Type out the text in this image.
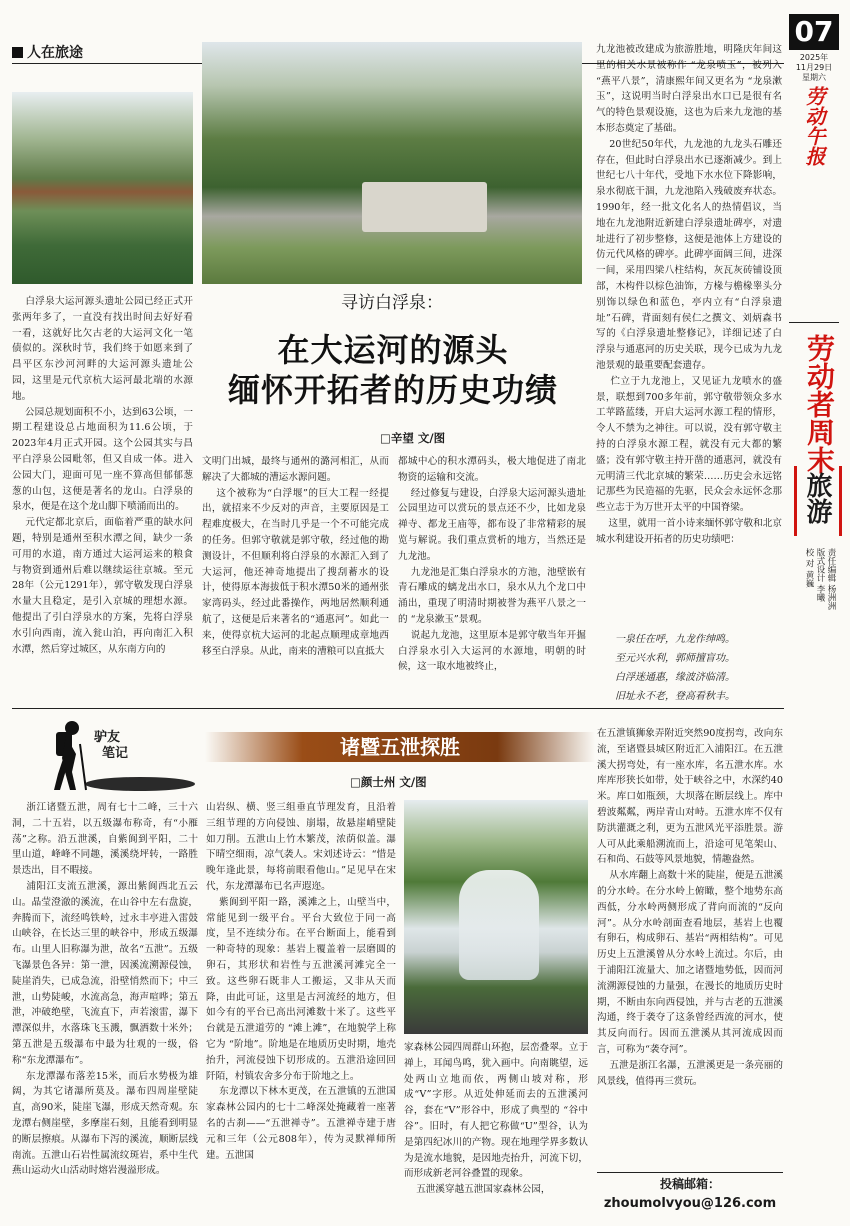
07
2025年
11月29日
星期六
劳动午报
劳动者周末
旅游
责任编辑 杨洲洲
版式设计 李曦
校 对 黄巍
人在旅途
寻访白浮泉：
在大运河的源头
缅怀开拓者的历史功绩
□辛望 文/图
白浮泉大运河源头遗址公园已经正式开张两年多了，一直没有找出时间去好好看一看，这就好比欠古老的大运河文化一笔债似的。深秋时节，我们终于如愿来到了昌平区东沙河河畔的大运河源头遗址公园，这里是元代京杭大运河最北端的水源地。
公园总规划面积不小，达到63公顷，一期工程建设总占地面积为11.6公顷，于2023年4月正式开园。这个公园其实与昌平白浮泉公园毗邻，但又自成一体。进入公园大门，迎面可见一座不算高但郁郁葱葱的山包，这便是著名的龙山。白浮泉的泉水，便是在这个龙山脚下喷涌而出的。
元代定都北京后，面临着严重的缺水问题，特别是通州至积水潭之间，缺少一条可用的水道，南方通过大运河运来的粮食与物资到通州后难以继续运往京城。至元28年（公元1291年），郭守敬发现白浮泉水量大且稳定，是引入京城的理想水源。他提出了引白浮泉水的方案，先将白浮泉水引向西南，流入瓮山泊，再向南汇入积水潭，然后穿过城区，从东南方向的
文明门出城，最终与通州的潞河相汇，从而解决了大都城的漕运水源问题。
这个被称为“白浮堰”的巨大工程一经提出，就招来不少反对的声音，主要原因是工程难度极大，在当时几乎是一个不可能完成的任务。但郭守敬就是郭守敬，经过他的勘测设计，不但顺利将白浮泉的水源汇入到了大运河，他还神奇地提出了搜刮蓄水的设计，使得原本海拔低于积水潭50米的通州张家湾码头，经过此番操作，两地居然顺利通航了，这便是后来著名的“通惠河”。如此一来，使得京杭大运河的北起点顺理成章地西移至白浮泉。从此，南来的漕粮可以直抵大
都城中心的积水潭码头，极大地促进了南北物资的运输和交流。
经过修复与建设，白浮泉大运河源头遗址公园里边可以赏玩的景点还不少，比如龙泉禅寺、都龙王庙等，都布设了非常精彩的展览与解说。我们重点赏析的地方，当然还是九龙池。
九龙池是汇集白浮泉水的方池，池壁嵌有青石雕成的螭龙出水口，泉水从九个龙口中涌出，重现了明清时期被誉为燕平八景之一的 “龙泉漱玉”景观。
说起九龙池，这里原本是郭守敬当年开掘白浮泉水引入大运河的水源地，明朝的时候，这一取水地被终止，
九龙池被改建成为旅游胜地，明隆庆年间这里的相关水景被称作 “龙泉喷玉”，被列入 “燕平八景”，清康熙年间又更名为 “龙泉漱玉”，这说明当时白浮泉出水口已是很有名气的特色景观设施，这也为后来九龙池的基本形态奠定了基础。
20世纪50年代，九龙池的九龙头石雕还存在，但此时白浮泉出水已逐渐减少。到上世纪七八十年代，受地下水水位下降影响，泉水彻底干涸，九龙池陷入残破废弃状态。1990年，经一批文化名人的热情倡议，当地在九龙池附近新建白浮泉遗址碑亭，对遗址进行了初步整修，这便是池体上方建设的仿元代风格的碑亭。此碑亭面阔三间，进深一间，采用四梁八柱结构，灰瓦灰砖铺设顶部，木构件以棕色油饰，方椽与檐椽睾头分别饰以绿色和蓝色，亭内立有“白浮泉遗址”石碑，背面刻有侯仁之撰文、刘炳森书写的《白浮泉遗址整修记》，详细记述了白浮泉与通惠河的历史关联，现今已成为九龙池景观的最重要配套遗存。
伫立于九龙池上，又见证九龙喷水的盛景，联想到700多年前，郭守敬带领众多水工苹路蓝缕，开启大运河水源工程的情形，令人不禁为之神往。可以说，没有郭守敬主持的白浮泉水源工程，就没有元大都的繁盛；没有郭守敬主持开凿的通惠河，就没有元明清三代北京城的繁荣……历史会永远铭记那些为民造福的先驱，民众会永远怀念那些立志于为万世开太平的中国脊梁。
这里，就用一首小诗来缅怀郭守敬和北京城水利建设开拓者的历史功绩吧：
一泉任在呼，九龙作绅鸣。
至元兴水利，郭师擅盲功。
白浮迷通惠，缘波济临清。
旧址永不老，登高看秋丰。
驴友
笔记	诸暨五泄探胜
□颜士州 文/图
浙江诸暨五泄，周有七十二峰，三十六洞，二十五岩，以五级瀑布称奇，有“小雁荡”之称。沿五泄溪，自紫阆到平阳，二十里山道，峰峰不同趣，溪溪绕坪转，一路胜景迭出，目不暇接。
浦阳江支流五泄溪，源出紫阆西北五云山。晶莹澄澈的溪流，在山谷中左右盘旋，奔腾而下，流经鸣铁岭，过永丰亭进入雷鼓山峡谷，在长达三里的峡谷中，形成五级瀑布。山里人旧称瀑为泄，故名“五泄”。五级飞瀑景色各异：第一泄，因溪流溯源侵蚀，陡崖消失，已成急流，沿壁悄然而下；中三泄，山势陡峻，水流高急，海声喧哗；第五泄，冲破绝壁，飞流直下，声若滚雷，瀑下潭深似井，水落珠飞玉溅，飘洒数十米外；第五泄是五级瀑布中最为壮观的一级，俗称“东龙潭瀑布”。
东龙潭瀑布落差15米，而后水势极为雄阔，为其它诸瀑所莫及。瀑布四周崖壁陡直，高90米，陡崖飞瀑，形成天然奇观。东龙潭右侧崖壁，多摩崖石刻，且能看到明显的断层擦痕。从瀑布下泻的溪流，顺断层线南流。五泄山石岩性属流纹斑岩，系中生代燕山运动火山活动时熔岩漫溢形成。
山岩纵、横、竖三组垂直节理发育，且沿着三组节理的方向侵蚀、崩塌，故悬崖峭壁陡如刀削。五泄山上竹木繁茂，浓荫似盖。瀑下晴空细雨，凉气袭人。宋刘述诗云：“惜是晚年逢此景，每将前眼看他山。”足见早在宋代，东龙潭瀑布已名声遐迩。
紫阆到平阳一路，溪滩之上，山壁当中，常能见到一级平台。平台大致位于同一高度，呈不连续分布。在平台断面上，能看到一种奇特的现象：基岩上覆盖着一层磨圆的卵石，其形状和岩性与五泄溪河滩完全一致。这些卵石既非人工搬运，又非从天而降，由此可证，这里是古河流经的地方，但如今有的平台已高出河滩数十米了。这些平台就是五泄道劳的 “滩上滩”，在地貌学上称它为 “阶地”。阶地是在地质历史时期，地壳抬升，河流侵蚀下切形成的。五泄沿途回回阡陌，村镇农舍多分布于阶地之上。
东龙潭以下林木更茂，在五泄镇的五泄国家森林公园内的七十二峰深处掩藏着一座著名的古刹——“五泄禅寺”。五泄禅寺建于唐元和三年（公元808年），传为灵默禅师所建。五泄国
家森林公园四周群山环抱，层峦叠翠。立于禅上，耳闻鸟鸣，犹入画中。向南眺望，远处两山立地而依，两侧山坡对称，形成“V”字形。从近处伸延而去的五泄溪河谷，套在“V”形谷中，形成了典型的 “谷中谷”。旧时，有人把它称做“U”型谷，认为是第四纪冰川的产物。现在地理学界多数认为是流水地貌，是因地壳抬升，河流下切，而形成新老河谷叠置的现象。
五泄溪穿越五泄国家森林公园，
在五泄镇狮象弄附近突然90度拐弯，改向东流，至诸暨县城区附近汇入浦阳江。在五泄溪大拐弯处，有一座水库，名五泄水库。水库库形狭长如带，处于峡谷之中，水深约40米。库口如瓶颈，大坝落在断层线上。库中碧波粼粼，两岸青山对峙。五泄水库不仅有防洪灌溉之利，更为五泄风光平添胜景。游人可从此乘船溯流而上，沿途可见笔架山、石和尚、石鼓等风景地貌，情趣盎然。
从水库翻上高数十米的陡崖，便是五泄溪的分水岭。在分水岭上俯瞰，整个地势东高西低，分水岭两侧形成了背向而流的“反向河”。从分水岭剖面查看地层，基岩上也覆有卵石，构成卵石、基岩“两相结构”。可见历史上五泄溪曾从分水岭上流过。尔后，由于浦阳江流量大、加之诸暨地势低，因而河流溯源侵蚀的力量强，在漫长的地质历史时期，不断由东向西侵蚀，并与古老的五泄溪沟通，终于袭夺了这条曾经西流的河水，使其反向而行。因而五泄溪从其河流成因而言，可称为“袭夺河”。
五泄是浙江名瀑，五泄溪更是一条亮丽的风景线，值得再三赏玩。
投稿邮箱：
zhoumolvyou@126.com
